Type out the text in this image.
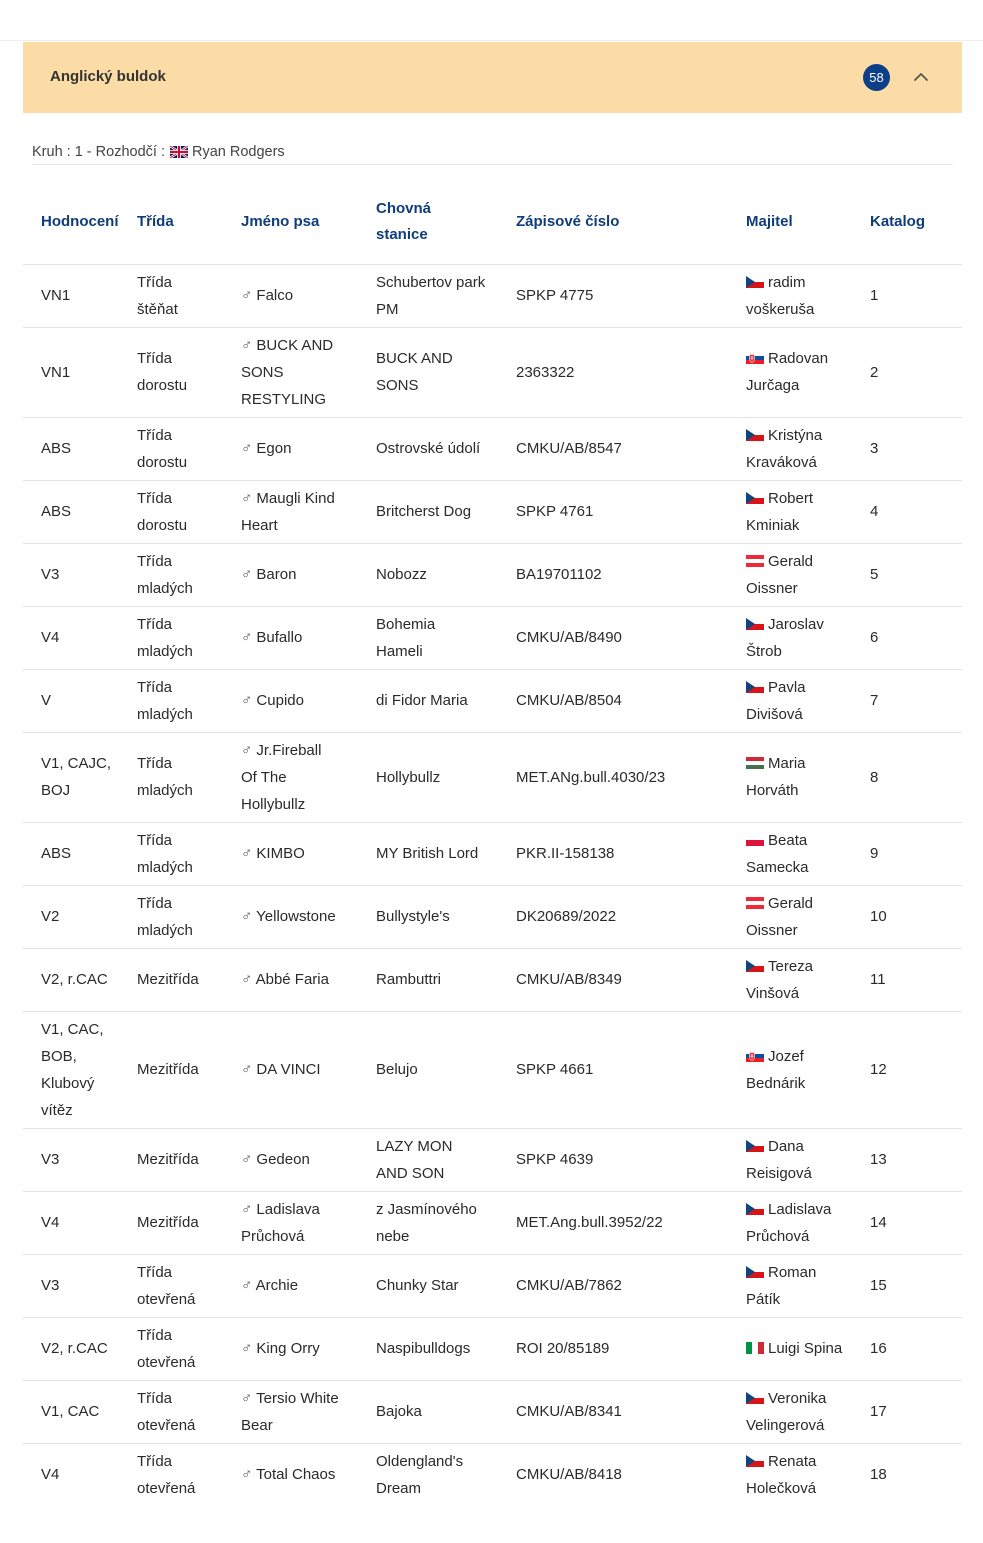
Anglický buldok	58
Kruh : 1 - Rozhodčí : Ryan Rodgers
Hodnocení	Třída	Jméno psa	Chovná stanice	Zápisové číslo	Majitel	Katalog

VN1	Třída štěňat	♂ Falco	Schubertov park PM	SPKP 4775	radim voškeruša	1

VN1	Třída dorostu	♂ BUCK AND SONS RESTYLING	BUCK AND SONS	2363322	Radovan Jurčaga	2

ABS	Třída dorostu	♂ Egon	Ostrovské údolí	CMKU/AB/8547	Kristýna Kraváková	3

ABS	Třída dorostu	♂ Maugli Kind Heart	Britcherst Dog	SPKP 4761	Robert Kminiak	4

V3	Třída mladých	♂ Baron	Nobozz	BA19701102	Gerald Oissner	5

V4	Třída mladých	♂ Bufallo	Bohemia Hameli	CMKU/AB/8490	Jaroslav Štrob	6

V	Třída mladých	♂ Cupido	di Fidor Maria	CMKU/AB/8504	Pavla Divišová	7

V1, CAJC, BOJ	Třída mladých	♂ Jr.Fireball Of The Hollybullz	Hollybullz	MET.ANg.bull.4030/23	Maria Horváth	8

ABS	Třída mladých	♂ KIMBO	MY British Lord	PKR.II-158138	Beata Samecka	9

V2	Třída mladých	♂ Yellowstone	Bullystyle's	DK20689/2022	Gerald Oissner	10

V2, r.CAC	Mezitřída	♂ Abbé Faria	Rambuttri	CMKU/AB/8349	Tereza Vinšová	11

V1, CAC, BOB, Klubový vítěz	Mezitřída	♂ DA VINCI	Belujo	SPKP 4661	Jozef Bednárik	12

V3	Mezitřída	♂ Gedeon	LAZY MON AND SON	SPKP 4639	Dana Reisigová	13

V4	Mezitřída	♂ Ladislava Průchová	z Jasmínového nebe	MET.Ang.bull.3952/22	Ladislava Průchová	14

V3	Třída otevřená	♂ Archie	Chunky Star	CMKU/AB/7862	Roman Pátík	15

V2, r.CAC	Třída otevřená	♂ King Orry	Naspibulldogs	ROI 20/85189	Luigi Spina	16

V1, CAC	Třída otevřená	♂ Tersio White Bear	Bajoka	CMKU/AB/8341	Veronika Velingerová	17

V4	Třída otevřená	♂ Total Chaos	Oldengland's Dream	CMKU/AB/8418	Renata Holečková	18
